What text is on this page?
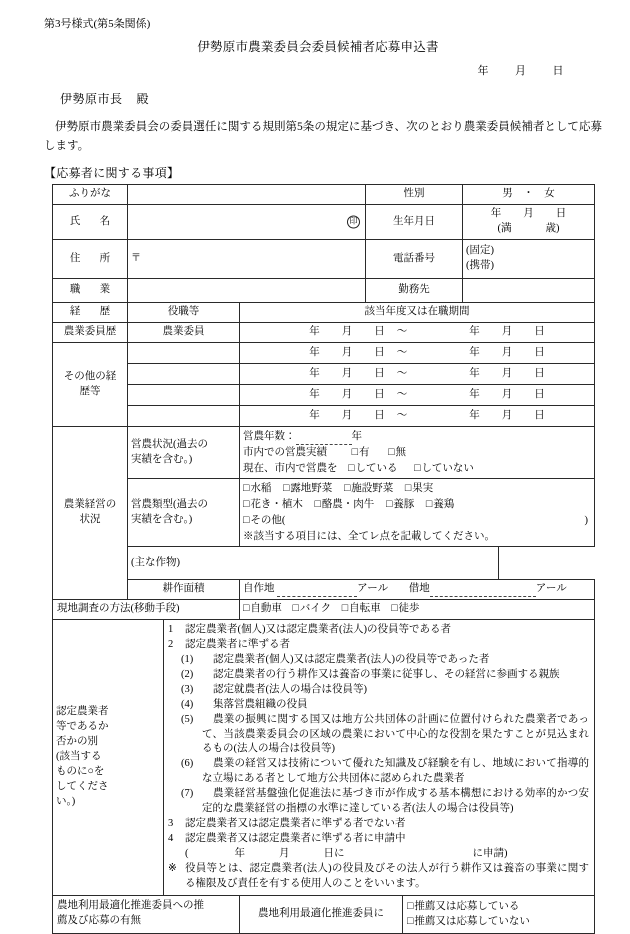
第3号様式(第5条関係)
伊勢原市農業委員会委員候補者応募申込書
年 月 日
伊勢原市長 殿
伊勢原市農業委員会の委員選任に関する規則第5条の規定に基づき、次のとおり農業委員候補者として応募します。
【応募者に関する事項】
ふりがな				性別		男　・　女

氏　名	印			生年月日		年 月 日
(満 歳)

住　所	〒			電話番号		(固定)
(携帯)

職　業				勤務先		

経　歴	役職等		該当年度又は在職期間			
農業委員歴	農業委員	年 月 日 ～	年 月 日

その他の経
歴等

年 月 日 ～	年 月 日

年 月 日 ～	年 月 日

年 月 日 ～	年 月 日

年 月 日 ～	年 月 日

農業経営の
状況

営農状況(過去の
実績を含む。)

営農年数：	年
市内での営農実績 □有 □無
現在、市内で営農を □している □していない

営農類型(過去の
実績を含む。)

□水稲 □露地野菜 □施設野菜 □果実
□花き・植木 □酪農・肉牛 □養豚 □養鶏
□その他(	)
※該当する項目には、全てレ点を記載してください。

	(主な作物)					
	耕作面積		自作地 アール 借地 アール			
現地調査の方法(移動手段)			□自動車 □バイク □自転車 □徒歩			

認定農業者
等であるか
否かの別
(該当する
ものに○を
してくださ
い。)

1	認定農業者(個人)又は認定農業者(法人)の役員等である者
2	認定農業者に準ずる者
(1)	認定農業者(個人)又は認定農業者(法人)の役員等であった者
(2)	認定農業者の行う耕作又は養畜の事業に従事し、その経営に参画する親族
(3)	認定就農者(法人の場合は役員等)
(4)	集落営農組織の役員
(5)	農業の振興に関する国又は地方公共団体の計画に位置付けられた農業者であって、当該農業委員会の区域の農業において中心的な役割を果たすことが見込まれるもの(法人の場合は役員等)
(6)	農業の経営又は技術について優れた知識及び経験を有し、地域において指導的な立場にある者として地方公共団体に認められた農業者
(7)	農業経営基盤強化促進法に基づき市が作成する基本構想における効率的かつ安定的な農業経営の指標の水準に達している者(法人の場合は役員等)
3	認定農業者又は認定農業者に準ずる者でない者
4	認定農業者又は認定農業者に準ずる者に申請中
(	年	月	日に	に申請)
※ 役員等とは、認定農業者(法人)の役員及びその法人が行う耕作又は養畜の事業に関する権限及び責任を有する使用人のことをいいます。

農地利用最適化推進委員への推
薦及び応募の有無
	農地利用最適化推進委員に	
□推薦又は応募している
□推薦又は応募していない
